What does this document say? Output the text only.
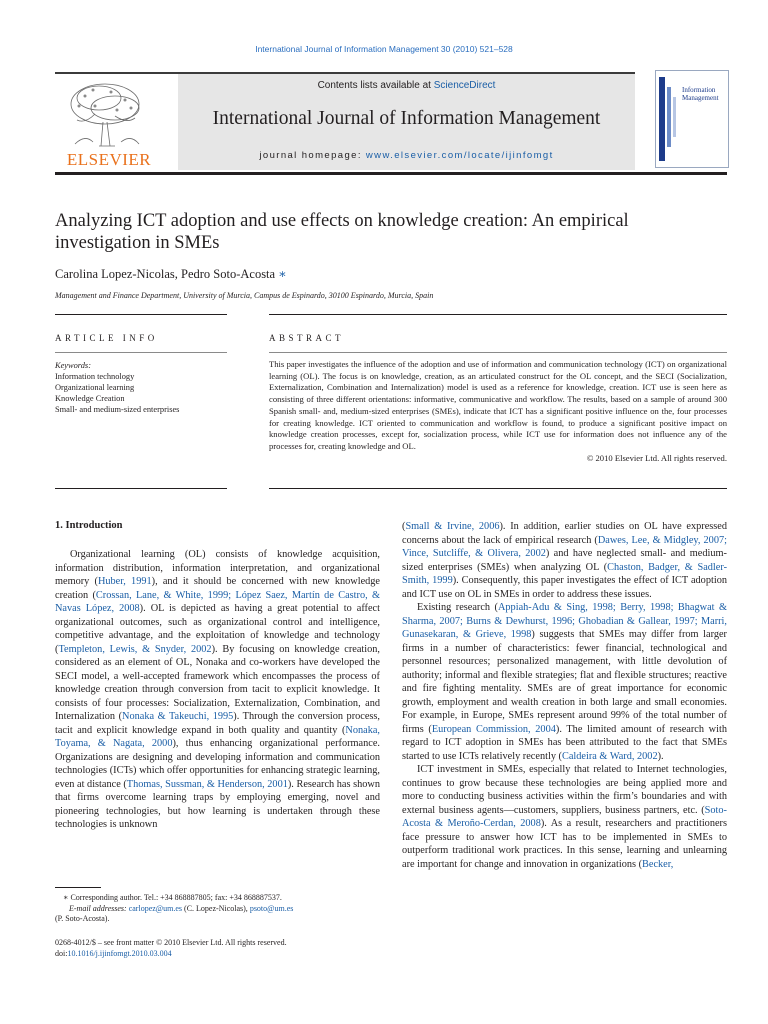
International Journal of Information Management 30 (2010) 521–528
ELSEVIER
Contents lists available at ScienceDirect
International Journal of Information Management
journal homepage: www.elsevier.com/locate/ijinfomgt
Information Management
Analyzing ICT adoption and use effects on knowledge creation: An empirical investigation in SMEs
Carolina Lopez-Nicolas, Pedro Soto-Acosta ∗
Management and Finance Department, University of Murcia, Campus de Espinardo, 30100 Espinardo, Murcia, Spain
ARTICLE INFO	ABSTRACT
Keywords:
Information technology
Organizational learning
Knowledge Creation
Small- and medium-sized enterprises

This paper investigates the influence of the adoption and use of information and communication technology (ICT) on organizational learning (OL). The focus is on knowledge, creation, as an articulated construct for the OL concept, and the SECI (Socialization, Externalization, Combination and Internalization) model is used as a reference for knowledge, creation. ICT use is seen here as consisting of three different orientations: informative, communicative and workflow. The results, based on a sample of around 300 Spanish small- and, medium-sized enterprises (SMEs), indicate that ICT has a significant positive influence on the, four processes for creating knowledge. ICT oriented to communication and workflow is found, to produce a significant positive impact on knowledge creation processes, except for, socialization process, while ICT use for information does not influence any of the processes for, creating knowledge and OL.

© 2010 Elsevier Ltd. All rights reserved.

1. Introduction

Organizational learning (OL) consists of knowledge acquisition, information distribution, information interpretation, and organizational memory (Huber, 1991), and it should be concerned with new knowledge creation (Crossan, Lane, & White, 1999; López Saez, Martín de Castro, & Navas López, 2008). OL is depicted as having a great potential to affect organizational outcomes, such as organizational control and intelligence, competitive advantage, and the exploitation of knowledge and technology (Templeton, Lewis, & Snyder, 2002). By focusing on knowledge creation, considered as an element of OL, Nonaka and co-workers have developed the SECI model, a well-accepted framework which encompasses the process of knowledge creation through conversion from tacit to explicit knowledge. It consists of four processes: Socialization, Externalization, Combination, and Internalization (Nonaka & Takeuchi, 1995). Through the conversion process, tacit and explicit knowledge expand in both quality and quantity (Nonaka, Toyama, & Nagata, 2000), thus enhancing organizational performance. Organizations are designing and developing information and communication technologies (ICTs) which offer opportunities for enhancing strategic learning, even at distance (Thomas, Sussman, & Henderson, 2001). Research has shown that firms overcome learning traps by employing emerging, novel and pioneering technologies, but how learning is undertaken through these technologies is unknown

(Small & Irvine, 2006). In addition, earlier studies on OL have expressed concerns about the lack of empirical research (Dawes, Lee, & Midgley, 2007; Vince, Sutcliffe, & Olivera, 2002) and have neglected small- and medium-sized enterprises (SMEs) when analyzing OL (Chaston, Badger, & Sadler-Smith, 1999). Consequently, this paper investigates the effect of ICT adoption and ICT use on OL in SMEs in order to address these issues.

Existing research (Appiah-Adu & Sing, 1998; Berry, 1998; Bhagwat & Sharma, 2007; Burns & Dewhurst, 1996; Ghobadian & Gallear, 1997; Marri, Gunasekaran, & Grieve, 1998) suggests that SMEs may differ from larger firms in a number of characteristics: fewer financial, technological and personnel resources; personalized management, with little devolution of authority; informal and flexible strategies; flat and flexible structures; reactive and fire fighting mentality. SMEs are of great importance for economic growth, employment and wealth creation in both large and small economies. For example, in Europe, SMEs represent around 99% of the total number of firms (European Commission, 2004). The limited amount of research with regard to ICT adoption in SMEs has been attributed to the fact that SMEs started to use ICTs relatively recently (Caldeira & Ward, 2002).

ICT investment in SMEs, especially that related to Internet technologies, continues to grow because these technologies are being applied more and more to conducting business activities within the firm’s boundaries and with external business agents—customers, suppliers, business partners, etc. (Soto-Acosta & Meroño-Cerdan, 2008). As a result, researchers and practitioners face pressure to answer how ICT has to be implemented in SMEs to outperform traditional work practices. In this sense, learning and unlearning are important for change and innovation in organizations (Becker,

∗ Corresponding author. Tel.: +34 868887805; fax: +34 868887537.
E-mail addresses: carlopez@um.es (C. Lopez-Nicolas), psoto@um.es
(P. Soto-Acosta).
0268-4012/$ – see front matter © 2010 Elsevier Ltd. All rights reserved.
doi:10.1016/j.ijinfomgt.2010.03.004
